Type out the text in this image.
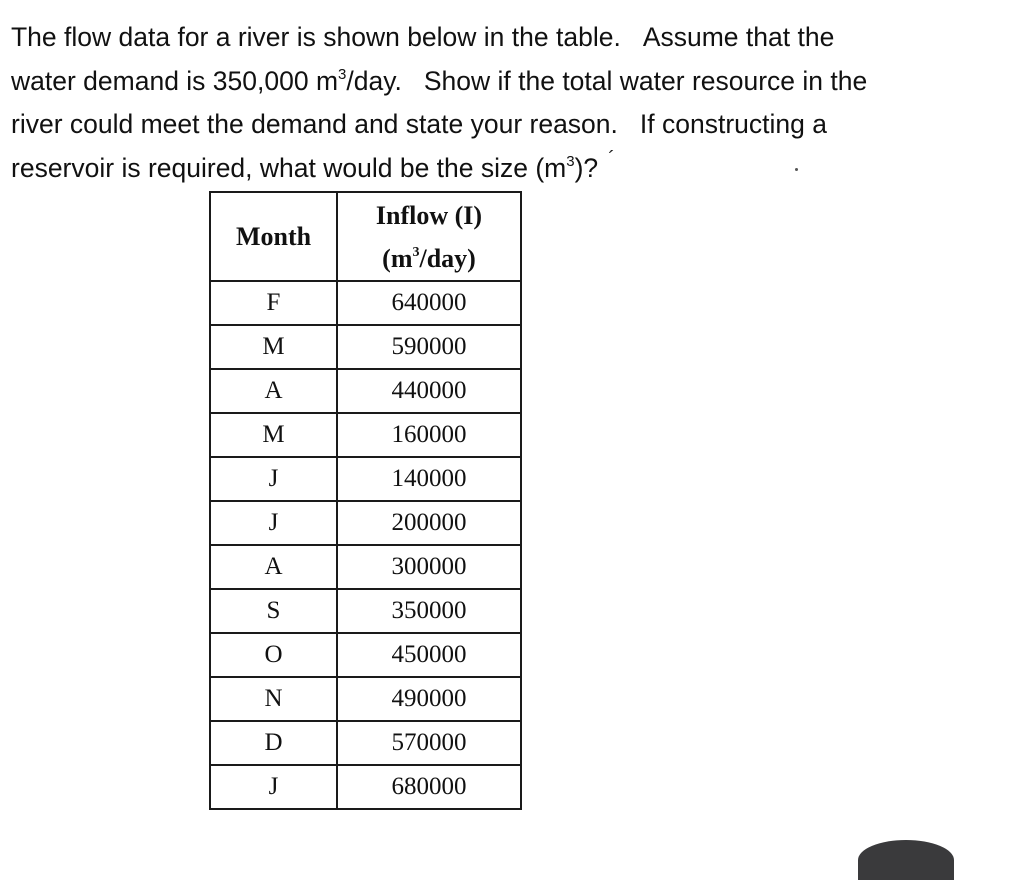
The flow data for a river is shown below in the table. Assume that the
water demand is 350,000 $m^3$/day. Show if the total water resource in the
river could meet the demand and state your reason. If constructing a
reservoir is required, what would be the size $(m^3)$? ´
Month	Inflow (I)
$(m^3/day)$

F	640000
M	590000
A	440000
M	160000
J	140000
J	200000
A	300000
S	350000
O	450000
N	490000
D	570000
J	680000
